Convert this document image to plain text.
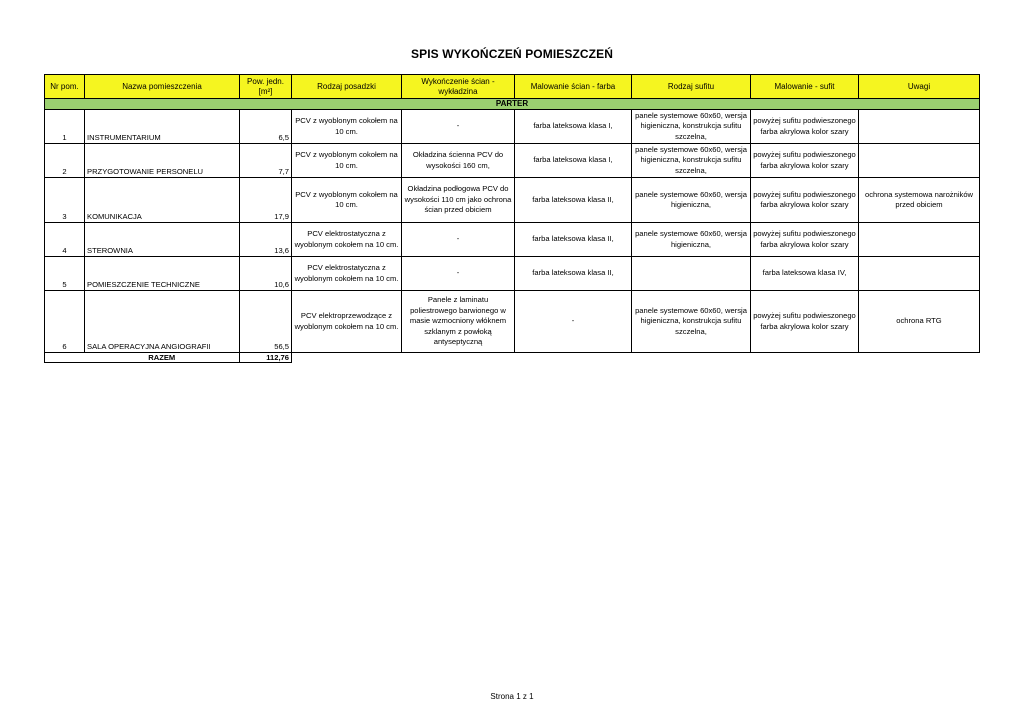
SPIS WYKOŃCZEŃ POMIESZCZEŃ
Nr pom.	Nazwa pomieszczenia	Pow. jedn. [m²]	Rodzaj posadzki	Wykończenie ścian - wykładzina	Malowanie ścian - farba	Rodzaj sufitu	Malowanie - sufit	Uwagi
PARTER								
1	INSTRUMENTARIUM	6,5	PCV z wyoblonym cokołem na 10 cm.	-	farba lateksowa klasa I,	panele systemowe 60x60, wersja higieniczna, konstrukcja sufitu szczelna,	powyżej sufitu podwieszonego farba akrylowa kolor szary	
2	PRZYGOTOWANIE PERSONELU	7,7	PCV z wyoblonym cokołem na 10 cm.	Okładzina ścienna PCV do wysokości 160 cm,	farba lateksowa klasa I,	panele systemowe 60x60, wersja higieniczna, konstrukcja sufitu szczelna,	powyżej sufitu podwieszonego farba akrylowa kolor szary	
3	KOMUNIKACJA	17,9	PCV z wyoblonym cokołem na 10 cm.	Okładzina podłogowa PCV do wysokości 110 cm jako ochrona ścian przed obiciem	farba lateksowa klasa II,	panele systemowe 60x60, wersja higieniczna,	powyżej sufitu podwieszonego farba akrylowa kolor szary	ochrona systemowa narożników przed obiciem
4	STEROWNIA	13,6	PCV elektrostatyczna z wyoblonym cokołem na 10 cm.	-	farba lateksowa klasa II,	panele systemowe 60x60, wersja higieniczna,	powyżej sufitu podwieszonego farba akrylowa kolor szary	
5	POMIESZCZENIE TECHNICZNE	10,6	PCV elektrostatyczna z wyoblonym cokołem na 10 cm.	-	farba lateksowa klasa II,		farba lateksowa klasa IV,	
6	SALA OPERACYJNA ANGIOGRAFII	56,5	PCV elektroprzewodzące z wyoblonym cokołem na 10 cm.	Panele z laminatu poliestrowego barwionego w masie wzmocniony włóknem szklanym z powłoką antyseptyczną	-	panele systemowe 60x60, wersja higieniczna, konstrukcja sufitu szczelna,	powyżej sufitu podwieszonego farba akrylowa kolor szary	ochrona RTG
	RAZEM	112,76						
Strona 1 z 1
